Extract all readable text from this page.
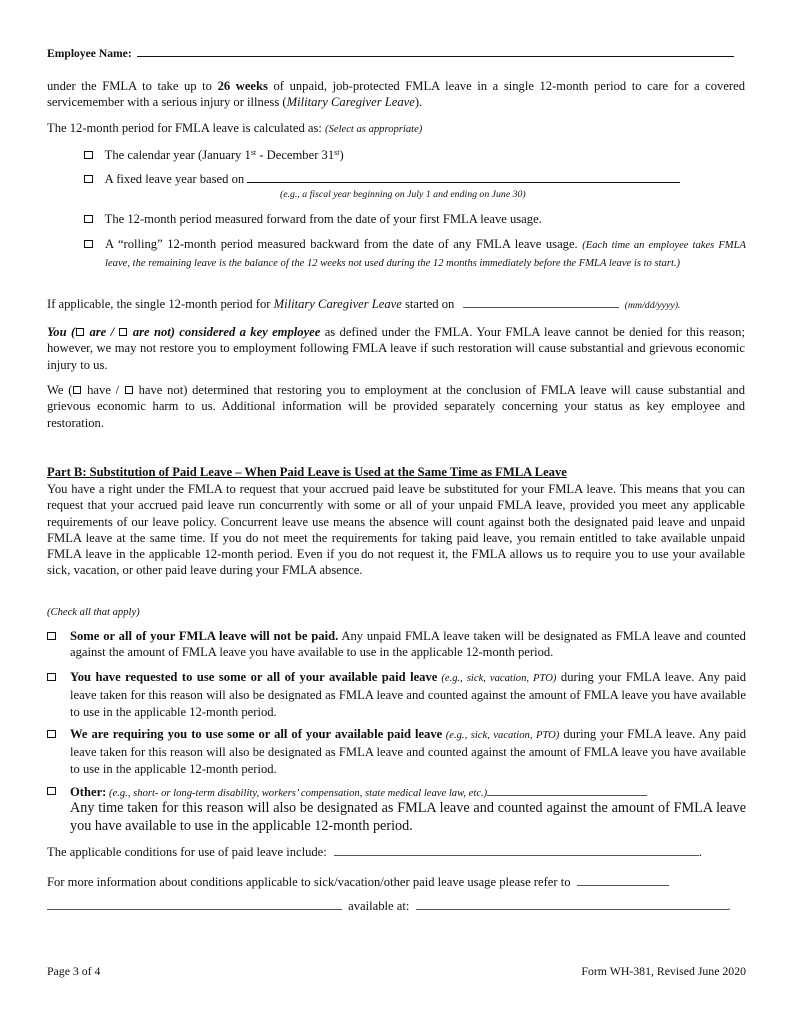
Employee Name:
under the FMLA to take up to 26 weeks of unpaid, job-protected FMLA leave in a single 12-month period to care for a covered servicemember with a serious injury or illness (Military Caregiver Leave).
The 12-month period for FMLA leave is calculated as: (Select as appropriate)
The calendar year (January 1st - December 31st)
A fixed leave year based on
(e.g., a fiscal year beginning on July 1 and ending on June 30)
The 12-month period measured forward from the date of your first FMLA leave usage.
A “rolling” 12-month period measured backward from the date of any FMLA leave usage. (Each time an employee takes FMLA leave, the remaining leave is the balance of the 12 weeks not used during the 12 months immediately before the FMLA leave is to start.)
If applicable, the single 12-month period for Military Caregiver Leave started on	(mm/dd/yyyy).
You ( are /  are not) considered a key employee as defined under the FMLA. Your FMLA leave cannot be denied for this reason; however, we may not restore you to employment following FMLA leave if such restoration will cause substantial and grievous economic injury to us.
We ( have /  have not) determined that restoring you to employment at the conclusion of FMLA leave will cause substantial and grievous economic harm to us. Additional information will be provided separately concerning your status as key employee and restoration.
Part B: Substitution of Paid Leave – When Paid Leave is Used at the Same Time as FMLA Leave
You have a right under the FMLA to request that your accrued paid leave be substituted for your FMLA leave. This means that you can request that your accrued paid leave run concurrently with some or all of your unpaid FMLA leave, provided you meet any applicable requirements of our leave policy. Concurrent leave use means the absence will count against both the designated paid leave and unpaid FMLA leave at the same time. If you do not meet the requirements for taking paid leave, you remain entitled to take available unpaid FMLA leave in the applicable 12-month period. Even if you do not request it, the FMLA allows us to require you to use your available sick, vacation, or other paid leave during your FMLA absence.
(Check all that apply)
Some or all of your FMLA leave will not be paid. Any unpaid FMLA leave taken will be designated as FMLA leave and counted against the amount of FMLA leave you have available to use in the applicable 12-month period.
You have requested to use some or all of your available paid leave (e.g., sick, vacation, PTO) during your FMLA leave. Any paid leave taken for this reason will also be designated as FMLA leave and counted against the amount of FMLA leave you have available to use in the applicable 12-month period.
We are requiring you to use some or all of your available paid leave (e.g., sick, vacation, PTO) during your FMLA leave. Any paid leave taken for this reason will also be designated as FMLA leave and counted against the amount of FMLA leave you have available to use in the applicable 12-month period.
Other: (e.g., short- or long-term disability, workers’ compensation, state medical leave law, etc.)
Any time taken for this reason will also be designated as FMLA leave and counted against the amount of FMLA leave you have available to use in the applicable 12-month period.
The applicable conditions for use of paid leave include:	.
For more information about conditions applicable to sick/vacation/other paid leave usage please refer to
available at:	.
Page 3 of 4	Form WH-381, Revised June 2020
